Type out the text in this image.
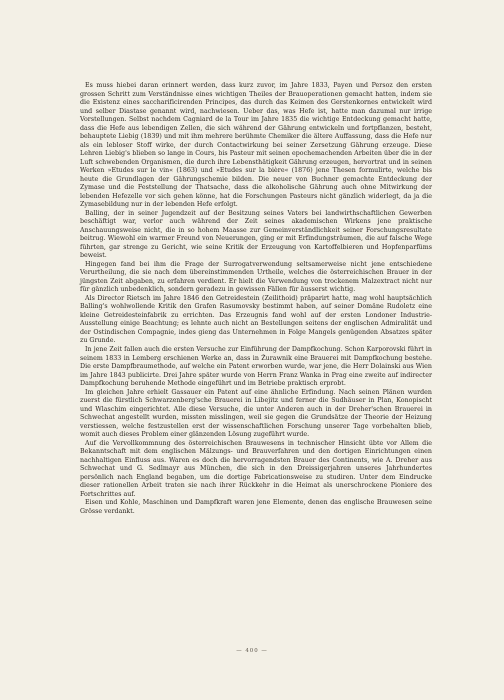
Es muss hiebei daran erinnert werden, dass kurz zuvor, im Jahre 1833, Payen und Persoz den ersten grossen Schritt zum Verständnisse eines wichtigen Theiles der Brauoperationen gemacht hatten, indem sie die Existenz eines saccharificirenden Principes, das durch das Keimen des Gerstenkornes entwickelt wird und selber Diastase genannt wird, nachwiesen. Ueber das, was Hefe ist, hatte man dazumal nur irrige Vorstellungen. Selbst nachdem Cagniard de la Tour im Jahre 1835 die wichtige Entdeckung gemacht hatte, dass die Hefe aus lebendigen Zellen, die sich während der Gährung entwickeln und fortpflanzen, besteht, behauptete Liebig (1839) und mit ihm mehrere berühmte Chemiker die ältere Auffassung, dass die Hefe nur als ein lebloser Stoff wirke, der durch Contactwirkung bei seiner Zersetzung Gährung erzeuge. Diese Lehren Liebig's blieben so lange in Cours, bis Pasteur mit seinen epochemachenden Arbeiten über die in der Luft schwebenden Organismen, die durch ihre Lebensthätigkeit Gährung erzeugen, hervortrat und in seinen Werken »Etudes sur le vin« (1863) und »Etudes sur la bière« (1876) jene Thesen formulirte, welche bis heute die Grundlagen der Gährungschemie bilden. Die neuer von Buchner gemachte Entdeckung der Zymase und die Feststellung der Thatsache, dass die alkoholische Gährung auch ohne Mitwirkung der lebenden Hefezelle vor sich gehen könne, hat die Forschungen Pasteurs nicht gänzlich widerlegt, da ja die Zymasebildung nur in der lebenden Hefe erfolgt.

Balling, der in seiner Jugendzeit auf der Besitzung seines Vaters bei landwirthschaftlichen Gewerben beschäftigt war, verlor auch während der Zeit seines akademischen Wirkens jene praktische Anschauungsweise nicht, die in so hohem Maasse zur Gemeinverständlichkeit seiner Forschungsresultate beitrug. Wiewohl ein warmer Freund von Neuerungen, ging er mit Erfindungsträumen, die auf falsche Wege führten, gar strenge zu Gericht, wie seine Kritik der Erzeugung von Kartoffelbieren und Hopfenparfüms beweist.

Hingegen fand bei ihm die Frage der Surrogatverwendung seltsamerweise nicht jene entschiedene Verurtheilung, die sie nach dem übereinstimmenden Urtheile, welches die österreichischen Brauer in der jüngsten Zeit abgaben, zu erfahren verdient. Er hielt die Verwendung von trockenem Malzextract nicht nur für gänzlich unbedenklich, sondern geradezu in gewissen Fällen für äusserst wichtig.

Als Director Rietsch im Jahre 1846 den Getreidestein (Zeilithoid) präparirt hatte, mag wohl hauptsächlich Balling's wohlwollende Kritik den Grafen Rasumovsky bestimmt haben, auf seiner Domäne Rudoletz eine kleine Getreidesteinfabrik zu errichten. Das Erzeugnis fand wohl auf der ersten Londoner Industrie-Ausstellung einige Beachtung; es lehnte auch nicht an Bestellungen seitens der englischen Admiralität und der Ostindischen Compagnie, indes gieng das Unternehmen in Folge Mangels genügenden Absatzes später zu Grunde.

In jene Zeit fallen auch die ersten Versuche zur Einführung der Dampfkochung. Schon Karporovski führt in seinem 1833 in Lemberg erschienen Werke an, dass in Žurawnik eine Brauerei mit Dampfkochung bestehe. Die erste Dampfbraumethode, auf welche ein Patent erworben wurde, war jene, die Herr Dolainski aus Wien im Jahre 1843 publicirte. Drei Jahre später wurde von Herrn Franz Wanka in Prag eine zweite auf indirecter Dampfkochung beruhende Methode eingeführt und im Betriebe praktisch erprobt.

Im gleichen Jahre erhielt Gassauer ein Patent auf eine ähnliche Erfindung. Nach seinen Plänen wurden zuerst die fürstlich Schwarzenberg'sche Brauerei in Libejitz und ferner die Sudhäuser in Plan, Konopischt und Wlaschim eingerichtet. Alle diese Versuche, die unter Anderen auch in der Dreher'schen Brauerei in Schwechat angestellt wurden, missten misslingen, weil sie gegen die Grundsätze der Theorie der Heizung verstiessen, welche festzustellen erst der wissenschaftlichen Forschung unserer Tage vorbehalten blieb, womit auch dieses Problem einer glänzenden Lösung zugeführt wurde.

Auf die Vervollkommnung des österreichischen Brauwesens in technischer Hinsicht übte vor Allem die Bekanntschaft mit dem englischen Mälzungs- und Brauverfahren und den dortigen Einrichtungen einen nachhaltigen Einfluss aus. Waren es doch die hervorragendsten Brauer des Continents, wie A. Dreher aus Schwechat und G. Sedlmayr aus München, die sich in den Dreissigerjahren unseres Jahrhundertes persönlich nach England begaben, um die dortige Fabricationsweise zu studiren. Unter dem Eindrucke dieser rationellen Arbeit traten sie nach ihrer Rückkehr in die Heimat als unerschrockene Pioniere des Fortschrittes auf.

Eisen und Kohle, Maschinen und Dampfkraft waren jene Elemente, denen das englische Brauwesen seine Grösse verdankt.

— 400 —
